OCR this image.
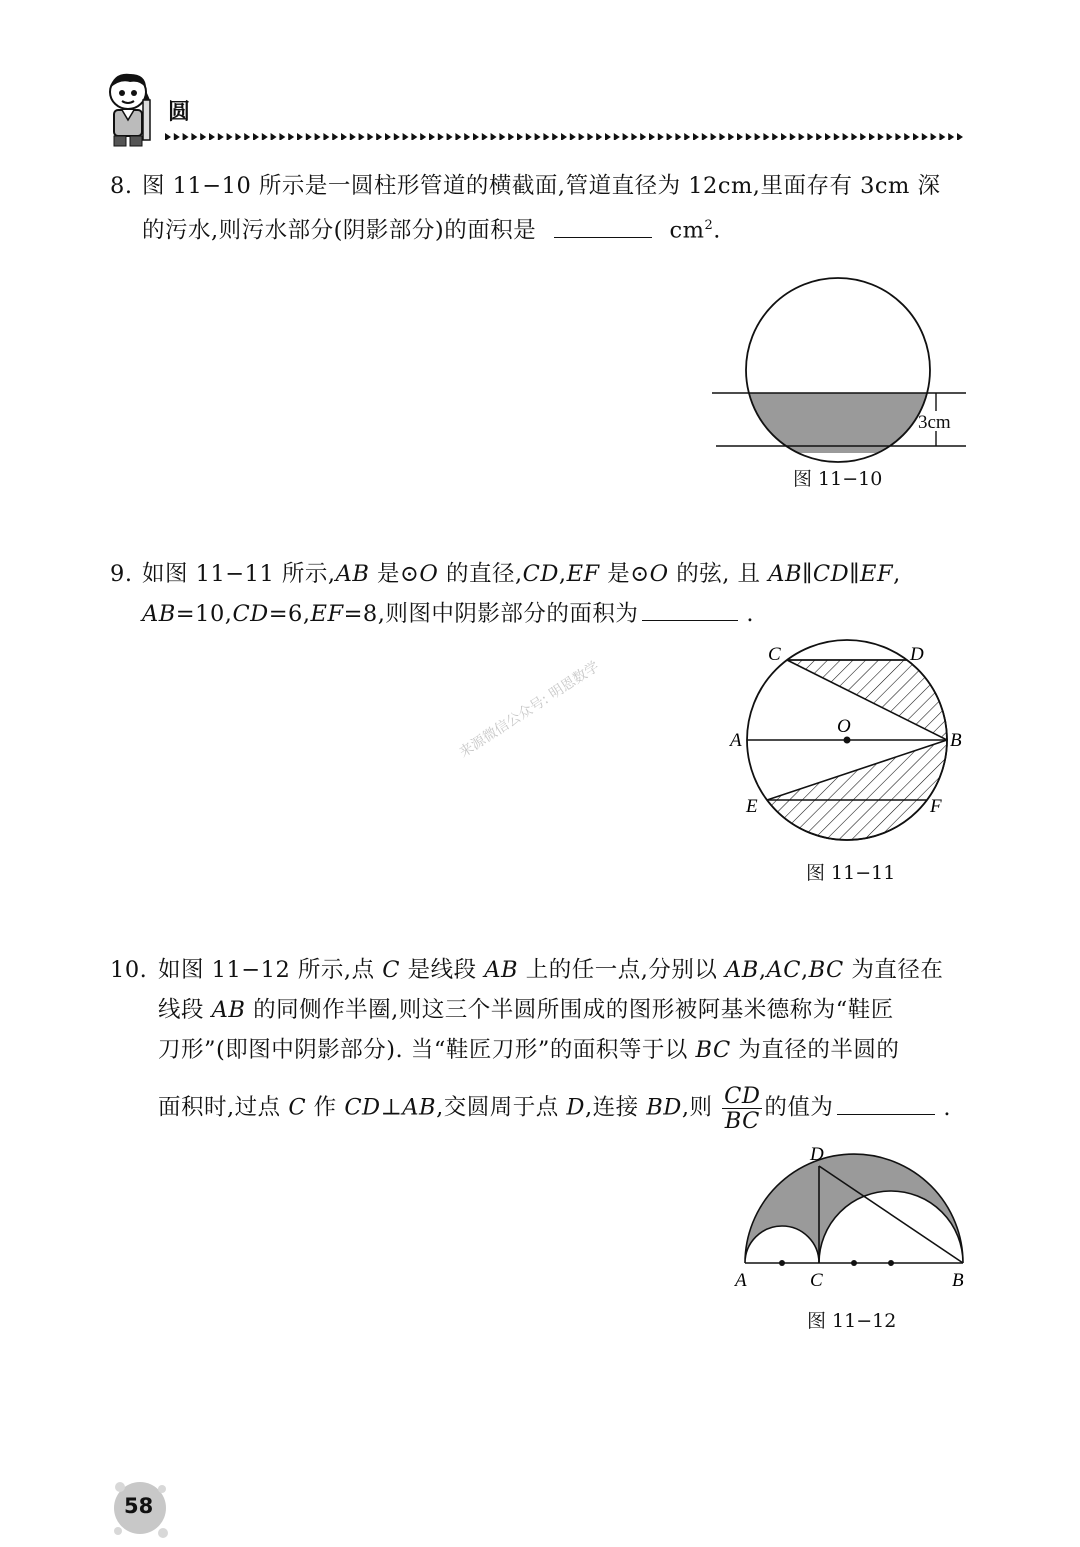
圆
8. 图 11−10 所示是一圆柱形管道的横截面,管道直径为 12cm,里面存有 3cm 深
的污水,则污水部分(阴影部分)的面积是	$cm^2$.
3cm
图 11−10
9. 如图 11−11 所示,AB 是⊙O 的直径,CD,EF 是⊙O 的弦, 且 AB∥CD∥EF,
AB=10,CD=6,EF=8,则图中阴影部分的面积为	.
A	B
C	D
E	F
O
图 11−11
来源微信公众号: 明恩数学
10. 如图 11−12 所示,点 C 是线段 AB 上的任一点,分别以 AB,AC,BC 为直径在
线段 AB 的同侧作半圈,则这三个半圆所围成的图形被阿基米德称为“鞋匠
刀形”(即图中阴影部分). 当“鞋匠刀形”的面积等于以 BC 为直径的半圆的
面积时,过点 C 作 CD⊥AB,交圆周于点 D,连接 BD,则 $\frac{CD}{BC}$ 的值为	.
A	C	B
D
图 11−12
58
